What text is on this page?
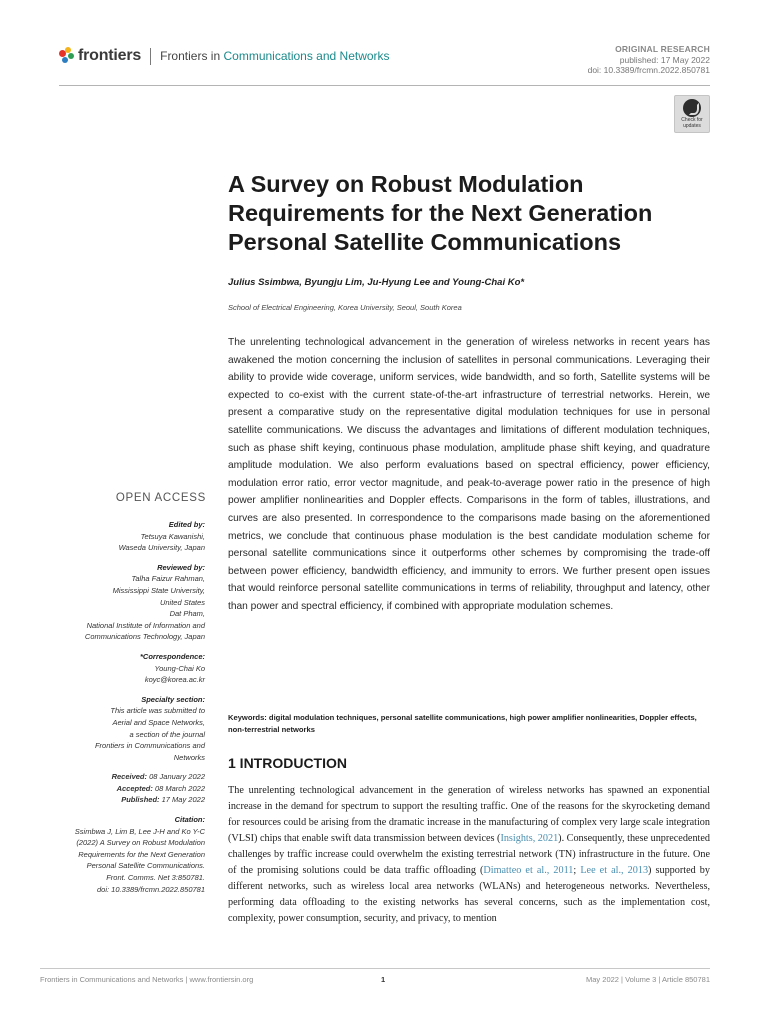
frontiers Frontiers in Communications and Networks	ORIGINAL RESEARCH
published: 17 May 2022
doi: 10.3389/frcmn.2022.850781
Check for
updates
A Survey on Robust Modulation Requirements for the Next Generation Personal Satellite Communications
Julius Ssimbwa, Byungju Lim, Ju-Hyung Lee and Young-Chai Ko*
School of Electrical Engineering, Korea University, Seoul, South Korea

The unrelenting technological advancement in the generation of wireless networks in recent years has awakened the motion concerning the inclusion of satellites in personal communications. Leveraging their ability to provide wide coverage, uniform services, wide bandwidth, and so forth, Satellite systems will be expected to co-exist with the current state-of-the-art infrastructure of terrestrial networks. Herein, we present a comparative study on the representative digital modulation techniques for use in personal satellite communications. We discuss the advantages and limitations of different modulation techniques, such as phase shift keying, continuous phase modulation, amplitude phase shift keying, and quadrature amplitude modulation. We also perform evaluations based on spectral efficiency, power efficiency, modulation error ratio, error vector magnitude, and peak-to-average power ratio in the presence of high power amplifier nonlinearities and Doppler effects. Comparisons in the form of tables, illustrations, and curves are also presented. In correspondence to the comparisons made basing on the aforementioned metrics, we conclude that continuous phase modulation is the best candidate modulation scheme for personal satellite communications since it outperforms other schemes by compromising the trade-off between power efficiency, bandwidth efficiency, and immunity to errors. We further present open issues that would reinforce personal satellite communications in terms of reliability, throughput and latency, other than power and spectral efficiency, if combined with appropriate modulation schemes.

Keywords: digital modulation techniques, personal satellite communications, high power amplifier nonlinearities, Doppler effects, non-terrestrial networks

1 INTRODUCTION

The unrelenting technological advancement in the generation of wireless networks has spawned an exponential increase in the demand for spectrum to support the resulting traffic. One of the reasons for the skyrocketing demand for resources could be arising from the dramatic increase in the manufacturing of complex very large scale integration (VLSI) chips that enable swift data transmission between devices (Insights, 2021). Consequently, these unprecedented challenges by traffic increase could overwhelm the existing terrestrial network (TN) infrastructure in the future. One of the promising solutions could be data traffic offloading (Dimatteo et al., 2011; Lee et al., 2013) supported by different networks, such as wireless local area networks (WLANs) and heterogeneous networks. Nevertheless, performing data offloading to the existing networks has several concerns, such as the implementation cost, complexity, power consumption, security, and privacy, to mention

OPEN ACCESS
Edited by:
Tetsuya Kawanishi,
Waseda University, Japan
Reviewed by:
Talha Faizur Rahman,
Mississippi State University,
United States
Dat Pham,
National Institute of Information and
Communications Technology, Japan
*Correspondence:
Young-Chai Ko
koyc@korea.ac.kr
Specialty section:
This article was submitted to
Aerial and Space Networks,
a section of the journal
Frontiers in Communications and
Networks
Received: 08 January 2022
Accepted: 08 March 2022
Published: 17 May 2022
Citation:
Ssimbwa J, Lim B, Lee J-H and Ko Y-C
(2022) A Survey on Robust Modulation
Requirements for the Next Generation
Personal Satellite Communications.
Front. Comms. Net 3:850781.
doi: 10.3389/frcmn.2022.850781
Frontiers in Communications and Networks | www.frontiersin.org	1	May 2022 | Volume 3 | Article 850781
